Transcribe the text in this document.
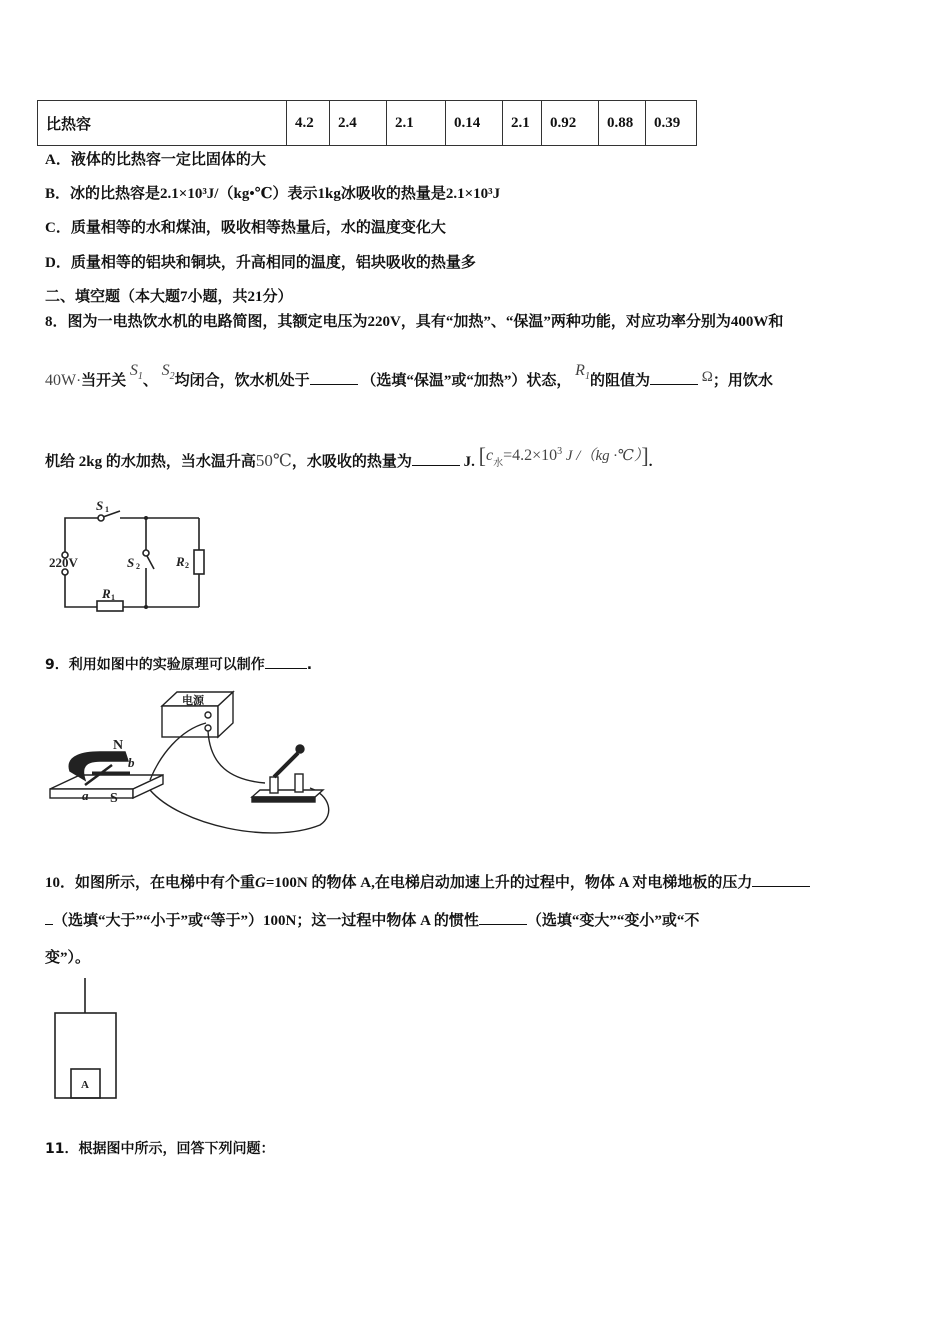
比热容	4.2	2.4	2.1	0.14	2.1	0.92	0.88	0.39
A．液体的比热容一定比固体的大
B．冰的比热容是2.1×10³J/（kg•℃）表示1kg冰吸收的热量是2.1×10³J
C．质量相等的水和煤油，吸收相等热量后，水的温度变化大
D．质量相等的铝块和铜块，升高相同的温度，铝块吸收的热量多
二、填空题（本大题7小题，共21分）
8．图为一电热饮水机的电路简图，其额定电压为220V，具有“加热”、“保温”两种功能，对应功率分别为400W和
40W·当开关 $S_1$、 $S_2$均闭合，饮水机处于	（选填“保温”或“加热”）状态， $R_1$的阻值为	Ω；用饮水
机给 2kg 的水加热，当水温升高50℃，水吸收的热量为	J. [$c_水=4.2\times 10^3$ J /（kg ·℃）].
S 1
S 2
220V
R 1
R 2
9．利用如图中的实验原理可以制作	.
电源
N
S
a
b
10．如图所示，在电梯中有个重G=100N 的物体 A,在电梯启动加速上升的过程中，物体 A 对电梯地板的压力
（选填“大于”“小于”或“等于”）100N；这一过程中物体 A 的惯性	（选填“变大”“变小”或“不
变”）。
A
11．根据图中所示，回答下列问题：
